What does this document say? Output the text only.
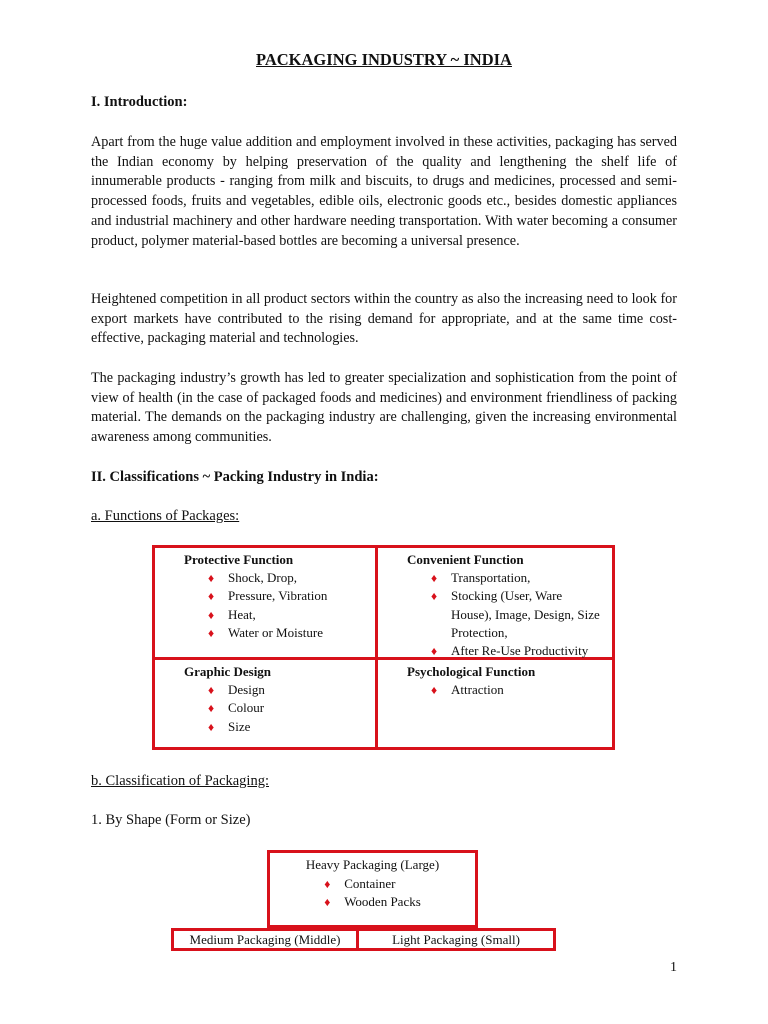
PACKAGING INDUSTRY ~ INDIA
I. Introduction:

Apart from the huge value addition and employment involved in these activities, packaging has served the Indian economy by helping preservation of the quality and lengthening the shelf life of innumerable products - ranging from milk and biscuits, to drugs and medicines, processed and semi-processed foods, fruits and vegetables, edible oils, electronic goods etc., besides domestic appliances and industrial machinery and other hardware needing transportation. With water becoming a consumer product, polymer material-based bottles are becoming a universal presence.

Heightened competition in all product sectors within the country as also the increasing need to look for export markets have contributed to the rising demand for appropriate, and at the same time cost-effective, packaging material and technologies.

The packaging industry’s growth has led to greater specialization and sophistication from the point of view of health (in the case of packaged foods and medicines) and environment friendliness of packing material. The demands on the packaging industry are challenging, given the increasing environmental awareness among communities.

II. Classifications ~ Packing Industry in India:
a. Functions of Packages:
Protective Function
♦ Shock, Drop,
♦ Pressure, Vibration
♦ Heat,
♦ Water or Moisture
Convenient Function
♦ Transportation,
♦ Stocking (User, Ware House), Image, Design, Size Protection,
♦ After Re-Use Productivity
Graphic Design
♦ Design
♦ Colour
♦ Size
Psychological Function
♦ Attraction
b. Classification of Packaging:
1. By Shape (Form or Size)
Heavy Packaging (Large)
♦ Container
♦ Wooden Packs
Medium Packaging (Middle)	Light Packaging (Small)
1
